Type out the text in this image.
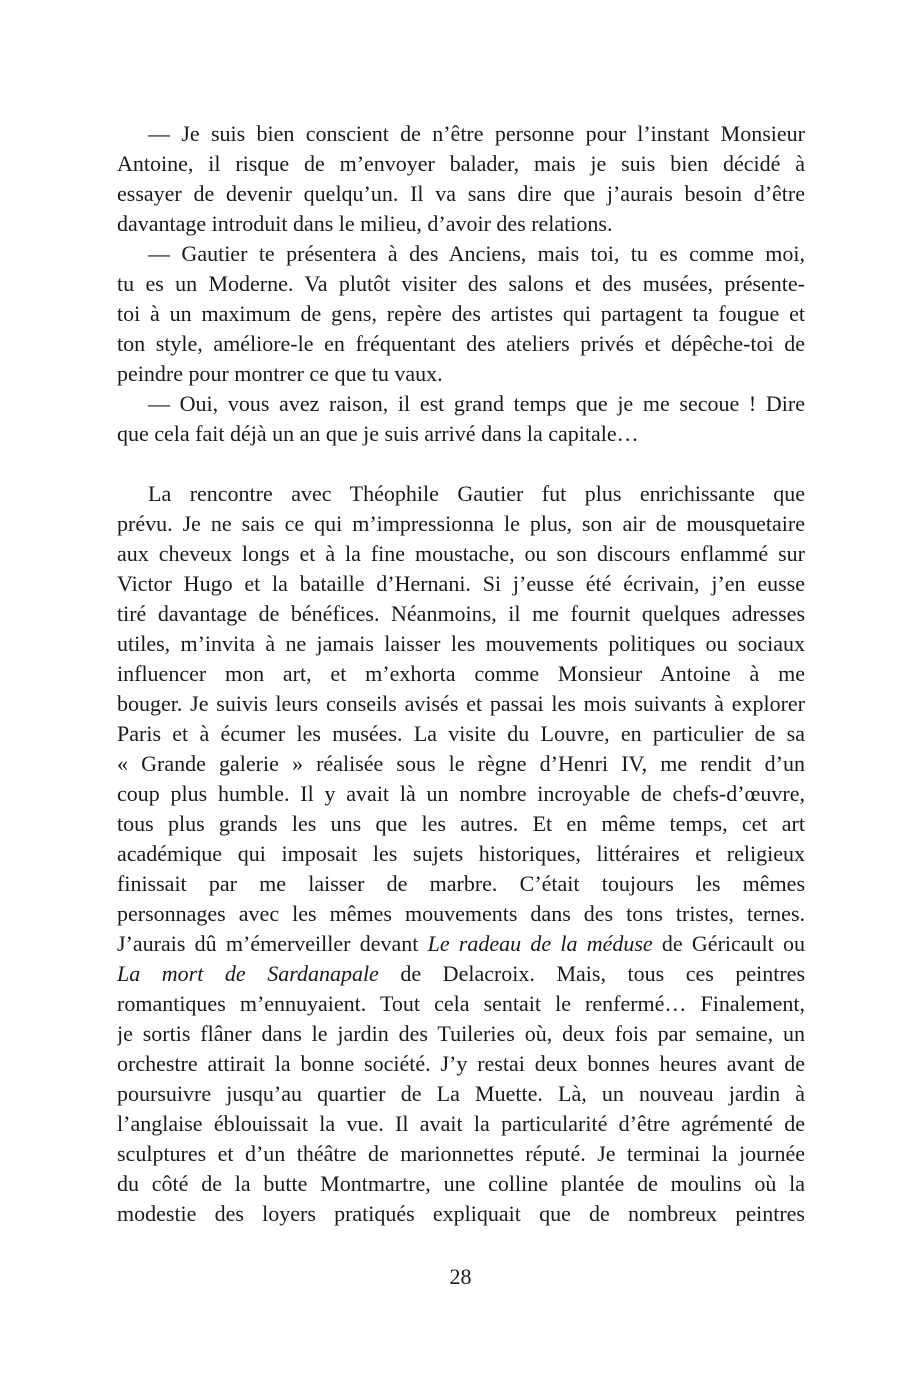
— Je suis bien conscient de n’être personne pour l’instant Monsieur
Antoine, il risque de m’envoyer balader, mais je suis bien décidé à
essayer de devenir quelqu’un. Il va sans dire que j’aurais besoin d’être
davantage introduit dans le milieu, d’avoir des relations.
— Gautier te présentera à des Anciens, mais toi, tu es comme moi,
tu es un Moderne. Va plutôt visiter des salons et des musées, présente-
toi à un maximum de gens, repère des artistes qui partagent ta fougue et
ton style, améliore-le en fréquentant des ateliers privés et dépêche-toi de
peindre pour montrer ce que tu vaux.
— Oui, vous avez raison, il est grand temps que je me secoue ! Dire
que cela fait déjà un an que je suis arrivé dans la capitale…
La rencontre avec Théophile Gautier fut plus enrichissante que
prévu. Je ne sais ce qui m’impressionna le plus, son air de mousquetaire
aux cheveux longs et à la fine moustache, ou son discours enflammé sur
Victor Hugo et la bataille d’Hernani. Si j’eusse été écrivain, j’en eusse
tiré davantage de bénéfices. Néanmoins, il me fournit quelques adresses
utiles, m’invita à ne jamais laisser les mouvements politiques ou sociaux
influencer mon art, et m’exhorta comme Monsieur Antoine à me
bouger. Je suivis leurs conseils avisés et passai les mois suivants à explorer
Paris et à écumer les musées. La visite du Louvre, en particulier de sa
« Grande galerie » réalisée sous le règne d’Henri IV, me rendit d’un
coup plus humble. Il y avait là un nombre incroyable de chefs-d’œuvre,
tous plus grands les uns que les autres. Et en même temps, cet art
académique qui imposait les sujets historiques, littéraires et religieux
finissait par me laisser de marbre. C’était toujours les mêmes
personnages avec les mêmes mouvements dans des tons tristes, ternes.
J’aurais dû m’émerveiller devant Le radeau de la méduse de Géricault ou
La mort de Sardanapale de Delacroix. Mais, tous ces peintres
romantiques m’ennuyaient. Tout cela sentait le renfermé… Finalement,
je sortis flâner dans le jardin des Tuileries où, deux fois par semaine, un
orchestre attirait la bonne société. J’y restai deux bonnes heures avant de
poursuivre jusqu’au quartier de La Muette. Là, un nouveau jardin à
l’anglaise éblouissait la vue. Il avait la particularité d’être agrémenté de
sculptures et d’un théâtre de marionnettes réputé. Je terminai la journée
du côté de la butte Montmartre, une colline plantée de moulins où la
modestie des loyers pratiqués expliquait que de nombreux peintres
28
